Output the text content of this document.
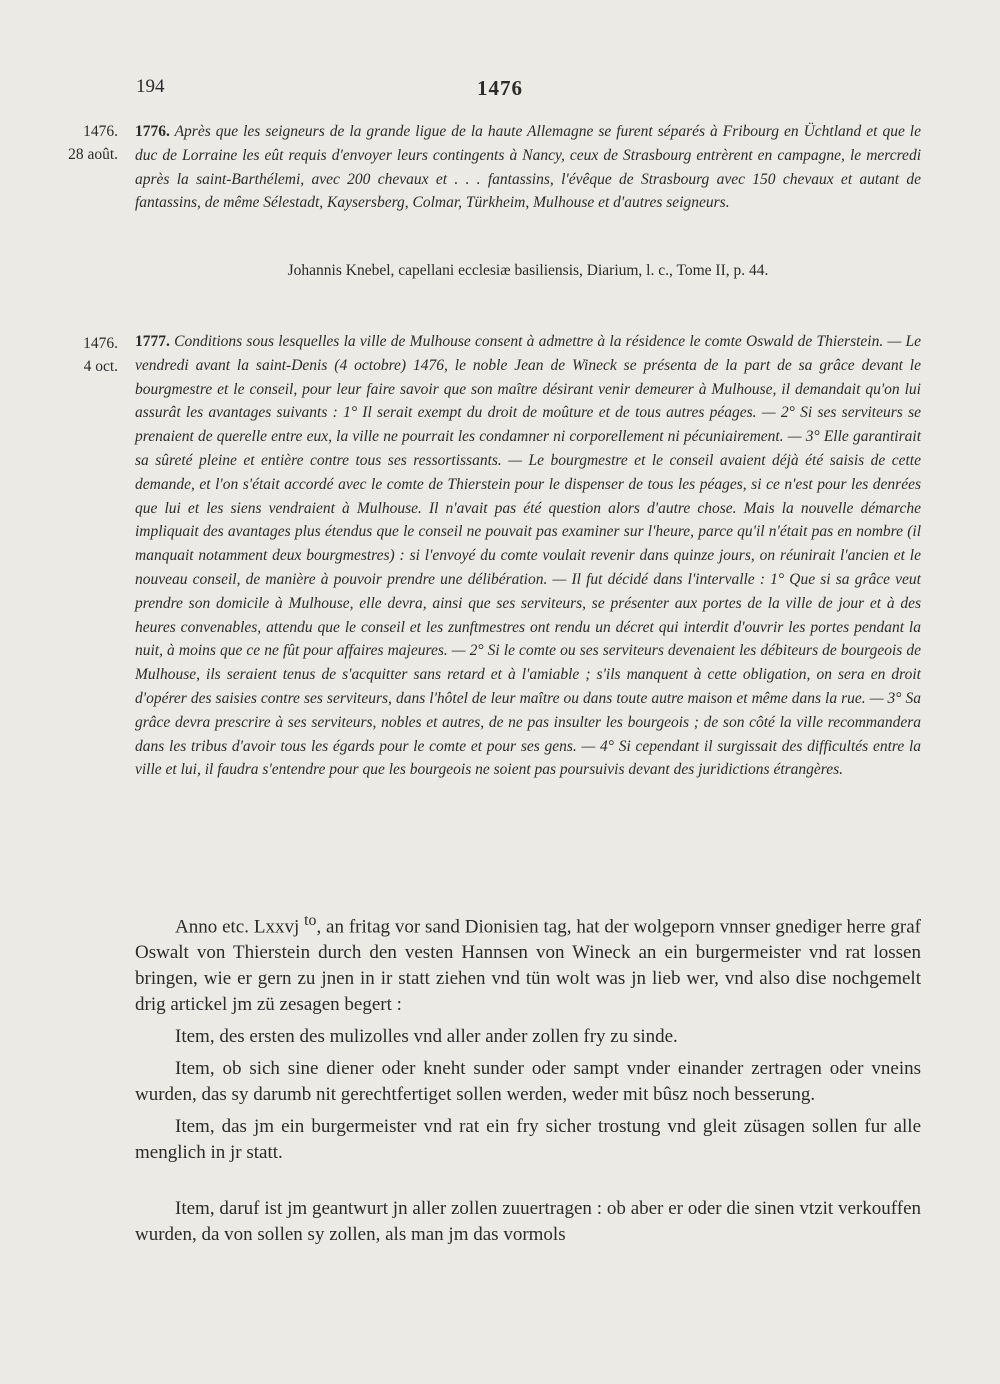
194	1476
1476.
28 août.
1776. Après que les seigneurs de la grande ligue de la haute Allemagne se furent séparés à Fribourg en Üchtland et que le duc de Lorraine les eût requis d'envoyer leurs contingents à Nancy, ceux de Strasbourg entrèrent en campagne, le mercredi après la saint-Barthélemi, avec 200 chevaux et . . . fantassins, l'évêque de Strasbourg avec 150 chevaux et autant de fantassins, de même Sélestadt, Kaysersberg, Colmar, Türkheim, Mulhouse et d'autres seigneurs.
Johannis Knebel, capellani ecclesiæ basiliensis, Diarium, l. c., Tome II, p. 44.
1476.
4 oct.
1777. Conditions sous lesquelles la ville de Mulhouse consent à admettre à la résidence le comte Oswald de Thierstein. — Le vendredi avant la saint-Denis (4 octobre) 1476, le noble Jean de Wineck se présenta de la part de sa grâce devant le bourgmestre et le conseil, pour leur faire savoir que son maître désirant venir demeurer à Mulhouse, il demandait qu'on lui assurât les avantages suivants : 1° Il serait exempt du droit de moûture et de tous autres péages. — 2° Si ses serviteurs se prenaient de querelle entre eux, la ville ne pourrait les condamner ni corporellement ni pécuniairement. — 3° Elle garantirait sa sûreté pleine et entière contre tous ses ressortissants. — Le bourgmestre et le conseil avaient déjà été saisis de cette demande, et l'on s'était accordé avec le comte de Thierstein pour le dispenser de tous les péages, si ce n'est pour les denrées que lui et les siens vendraient à Mulhouse. Il n'avait pas été question alors d'autre chose. Mais la nouvelle démarche impliquait des avantages plus étendus que le conseil ne pouvait pas examiner sur l'heure, parce qu'il n'était pas en nombre (il manquait notamment deux bourgmestres) : si l'envoyé du comte voulait revenir dans quinze jours, on réunirait l'ancien et le nouveau conseil, de manière à pouvoir prendre une délibération. — Il fut décidé dans l'intervalle : 1° Que si sa grâce veut prendre son domicile à Mulhouse, elle devra, ainsi que ses serviteurs, se présenter aux portes de la ville de jour et à des heures convenables, attendu que le conseil et les zunftmestres ont rendu un décret qui interdit d'ouvrir les portes pendant la nuit, à moins que ce ne fût pour affaires majeures. — 2° Si le comte ou ses serviteurs devenaient les débiteurs de bourgeois de Mulhouse, ils seraient tenus de s'acquitter sans retard et à l'amiable ; s'ils manquent à cette obligation, on sera en droit d'opérer des saisies contre ses serviteurs, dans l'hôtel de leur maître ou dans toute autre maison et même dans la rue. — 3° Sa grâce devra prescrire à ses serviteurs, nobles et autres, de ne pas insulter les bourgeois ; de son côté la ville recommandera dans les tribus d'avoir tous les égards pour le comte et pour ses gens. — 4° Si cependant il surgissait des difficultés entre la ville et lui, il faudra s'entendre pour que les bourgeois ne soient pas poursuivis devant des juridictions étrangères.

Anno etc. Lxxvj $^{to}$, an fritag vor sand Dionisien tag, hat der wolgeporn vnnser gnediger herre graf Oswalt von Thierstein durch den vesten Hannsen von Wineck an ein burgermeister vnd rat lossen bringen, wie er gern zu jnen in ir statt ziehen vnd tün wolt was jn lieb wer, vnd also dise nochgemelt drig artickel jm zü zesagen begert :

Item, des ersten des mulizolles vnd aller ander zollen fry zu sinde.

Item, ob sich sine diener oder kneht sunder oder sampt vnder einander zertragen oder vneins wurden, das sy darumb nit gerechtfertiget sollen werden, weder mit bûsz noch besserung.

Item, das jm ein burgermeister vnd rat ein fry sicher trostung vnd gleit züsagen sollen fur alle menglich in jr statt.

Item, daruf ist jm geantwurt jn aller zollen zuuertragen : ob aber er oder die sinen vtzit verkouffen wurden, da von sollen sy zollen, als man jm das vormols
